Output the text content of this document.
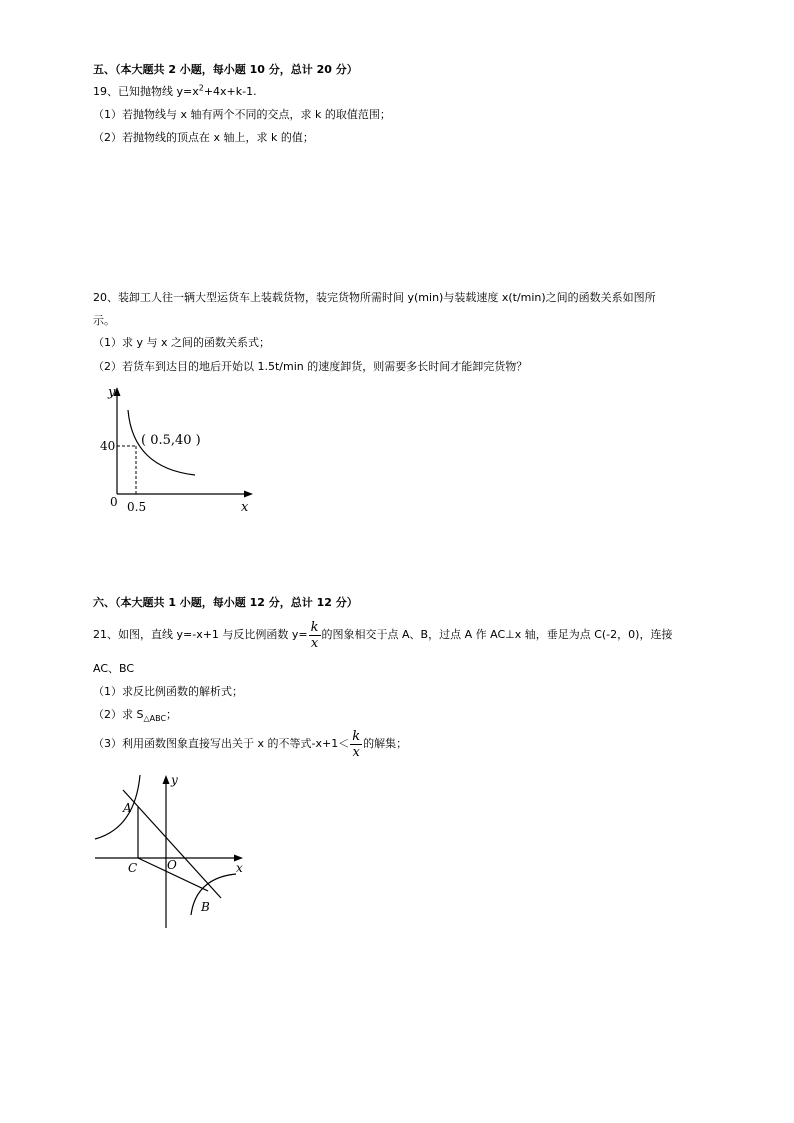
五、（本大题共 2 小题，每小题 10 分，总计 20 分）
19、已知抛物线 $y=x^2+4x+k-1$.
（1）若抛物线与 x 轴有两个不同的交点，求 k 的取值范围；
（2）若抛物线的顶点在 x 轴上，求 k 的值；
20、装卸工人往一辆大型运货车上装载货物，装完货物所需时间 y(min)与装载速度 x(t/min)之间的函数关系如图所
示。
（1）求 y 与 x 之间的函数关系式；
（2）若货车到达目的地后开始以 1.5t/min 的速度卸货，则需要多长时间才能卸完货物？
y
x
0
40
0.5
( 0.5,40 )
六、（本大题共 1 小题，每小题 12 分，总计 12 分）
21、如图，直线 y=-x+1 与反比例函数 $y= \frac{k}{x}$ 的图象相交于点 A、B，过点 A 作 AC⊥x 轴，垂足为点 C(-2，0)，连接
AC、BC
（1）求反比例函数的解析式；
（2）求 $S_{\triangle ABC}$；
（3）利用函数图象直接写出关于 x 的不等式$-x+1< \frac{k}{x}$ 的解集；
y
x
A
B
C O
